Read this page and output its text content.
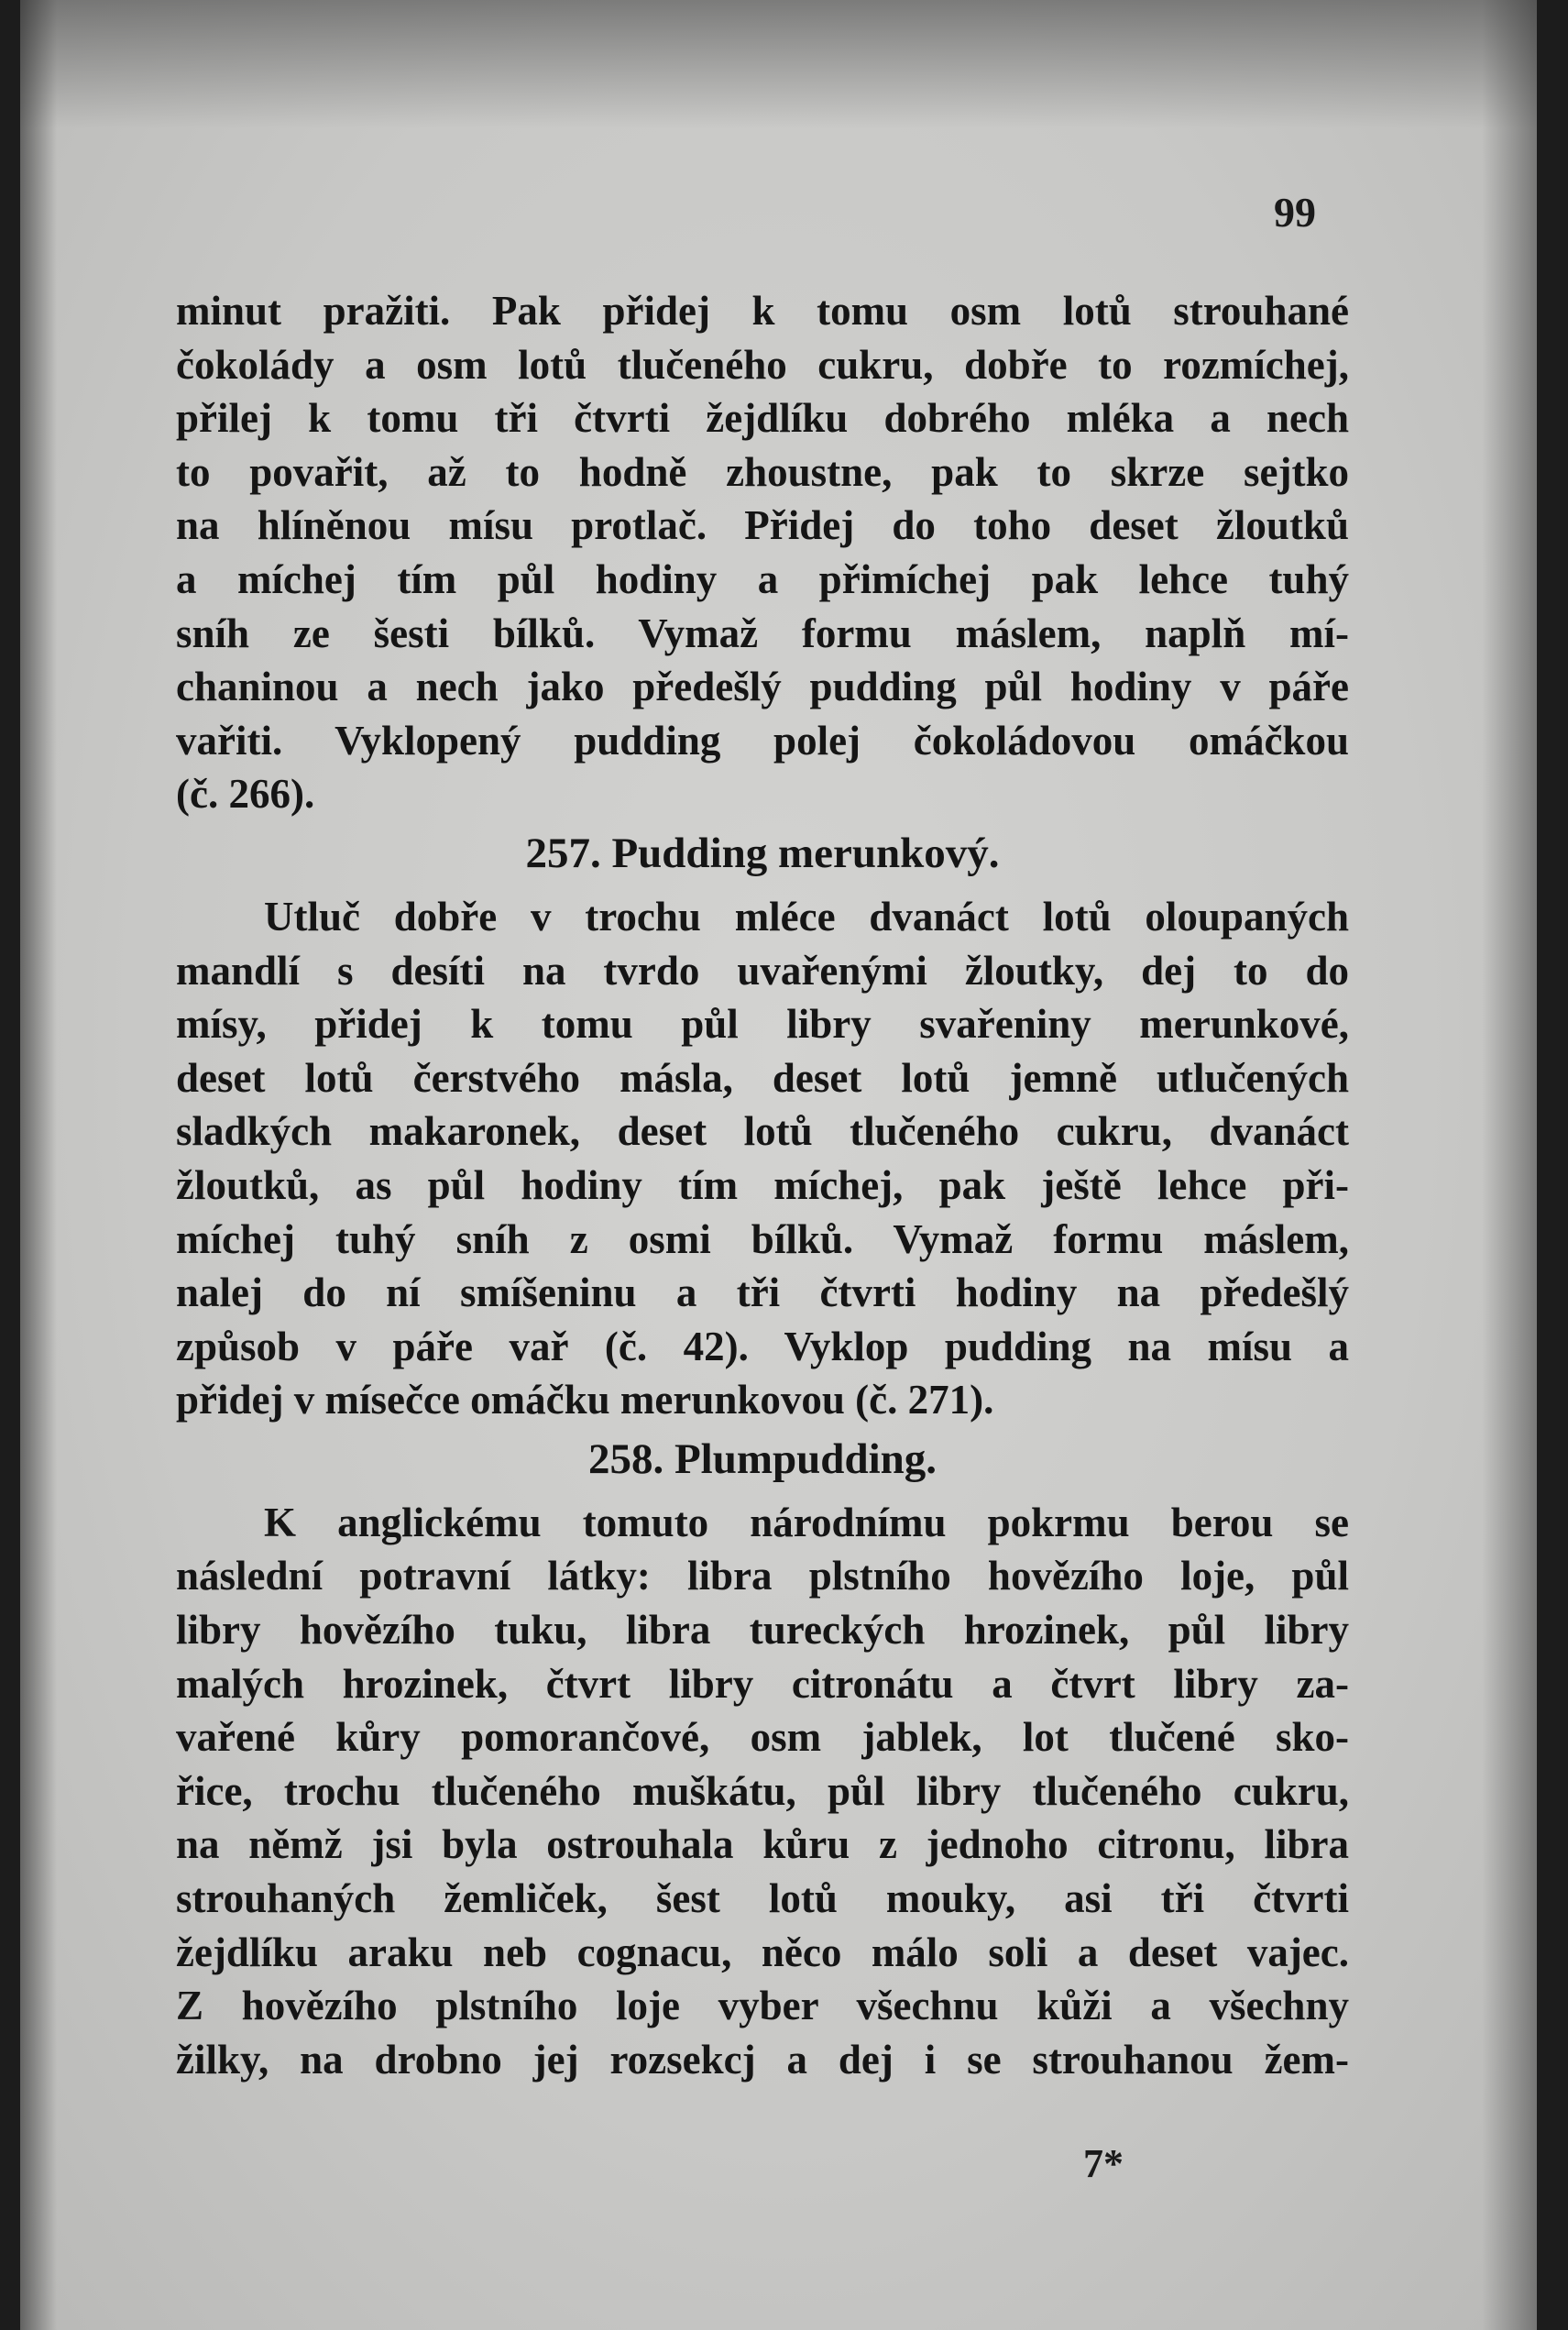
99
minut pražiti. Pak přidej k tomu osm lotů strouhané
čokolády a osm lotů tlučeného cukru, dobře to rozmíchej,
přilej k tomu tři čtvrti žejdlíku dobrého mléka a nech
to povařit, až to hodně zhoustne, pak to skrze sejtko
na hlíněnou mísu protlač. Přidej do toho deset žloutků
a míchej tím půl hodiny a přimíchej pak lehce tuhý
sníh ze šesti bílků. Vymaž formu máslem, naplň mí-
chaninou a nech jako předešlý pudding půl hodiny v páře
vařiti. Vyklopený pudding polej čokoládovou omáčkou
(č. 266).
257. Pudding merunkový.
Utluč dobře v trochu mléce dvanáct lotů oloupaných
mandlí s desíti na tvrdo uvařenými žloutky, dej to do
mísy, přidej k tomu půl libry svařeniny merunkové,
deset lotů čerstvého másla, deset lotů jemně utlučených
sladkých makaronek, deset lotů tlučeného cukru, dvanáct
žloutků, as půl hodiny tím míchej, pak ještě lehce při-
míchej tuhý sníh z osmi bílků. Vymaž formu máslem,
nalej do ní smíšeninu a tři čtvrti hodiny na předešlý
způsob v páře vař (č. 42). Vyklop pudding na mísu a
přidej v mísečce omáčku merunkovou (č. 271).
258. Plumpudding.
K anglickému tomuto národnímu pokrmu berou se
následní potravní látky: libra plstního hovězího loje, půl
libry hovězího tuku, libra tureckých hrozinek, půl libry
malých hrozinek, čtvrt libry citronátu a čtvrt libry za-
vařené kůry pomorančové, osm jablek, lot tlučené sko-
řice, trochu tlučeného muškátu, půl libry tlučeného cukru,
na němž jsi byla ostrouhala kůru z jednoho citronu, libra
strouhaných žemliček, šest lotů mouky, asi tři čtvrti
žejdlíku araku neb cognacu, něco málo soli a deset vajec.
Z hovězího plstního loje vyber všechnu kůži a všechny
žilky, na drobno jej rozsekcj a dej i se strouhanou žem-
7*
